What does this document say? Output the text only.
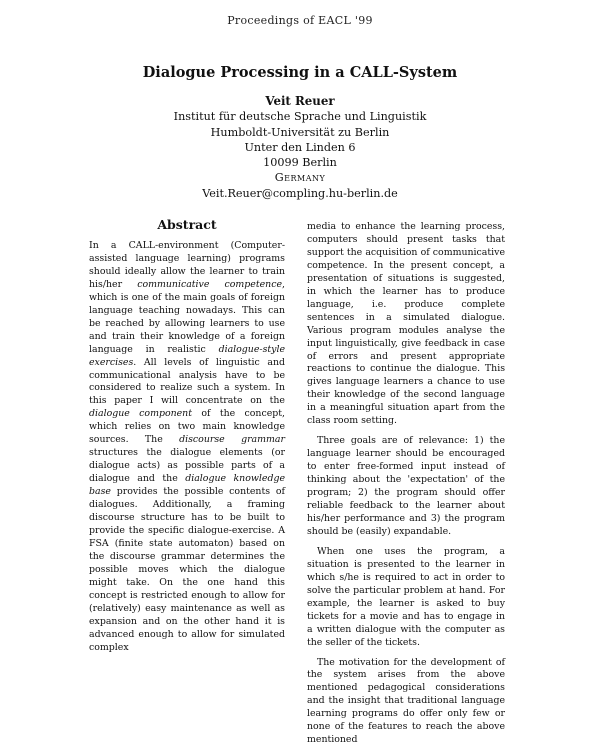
Proceedings of EACL '99
Dialogue Processing in a CALL-System
Veit Reuer
Institut für deutsche Sprache und Linguistik
Humboldt-Universität zu Berlin
Unter den Linden 6
10099 Berlin
Germany
Veit.Reuer@compling.hu-berlin.de
Abstract

In a CALL-environment (Computer-assisted language learning) programs should ideally allow the learner to train his/her communicative competence, which is one of the main goals of foreign language teaching nowadays. This can be reached by allowing learners to use and train their knowledge of a foreign language in realistic dialogue-style exercises. All levels of linguistic and communicational analysis have to be considered to realize such a system. In this paper I will concentrate on the dialogue component of the concept, which relies on two main knowledge sources. The discourse grammar structures the dialogue elements (or dialogue acts) as possible parts of a dialogue and the dialogue knowledge base provides the possible contents of dialogues. Additionally, a framing discourse structure has to be built to provide the specific dialogue-exercise. A FSA (finite state automaton) based on the discourse grammar determines the possible moves which the dialogue might take. On the one hand this concept is restricted enough to allow for (relatively) easy maintenance as well as expansion and on the other hand it is advanced enough to allow for simulated complex

media to enhance the learning process, computers should present tasks that support the acquisition of communicative competence. In the present concept, a presentation of situations is suggested, in which the learner has to produce language, i.e. produce complete sentences in a simulated dialogue. Various program modules analyse the input linguistically, give feedback in case of errors and present appropriate reactions to continue the dialogue. This gives language learners a chance to use their knowledge of the second language in a meaningful situation apart from the class room setting.

Three goals are of relevance: 1) the language learner should be encouraged to enter free-formed input instead of thinking about the 'expectation' of the program; 2) the program should offer reliable feedback to the learner about his/her performance and 3) the program should be (easily) expandable.

When one uses the program, a situation is presented to the learner in which s/he is required to act in order to solve the particular problem at hand. For example, the learner is asked to buy tickets for a movie and has to engage in a written dialogue with the computer as the seller of the tickets.

The motivation for the development of the system arises from the above mentioned pedagogical considerations and the insight that traditional language learning programs do offer only few or none of the features to reach the above mentioned
